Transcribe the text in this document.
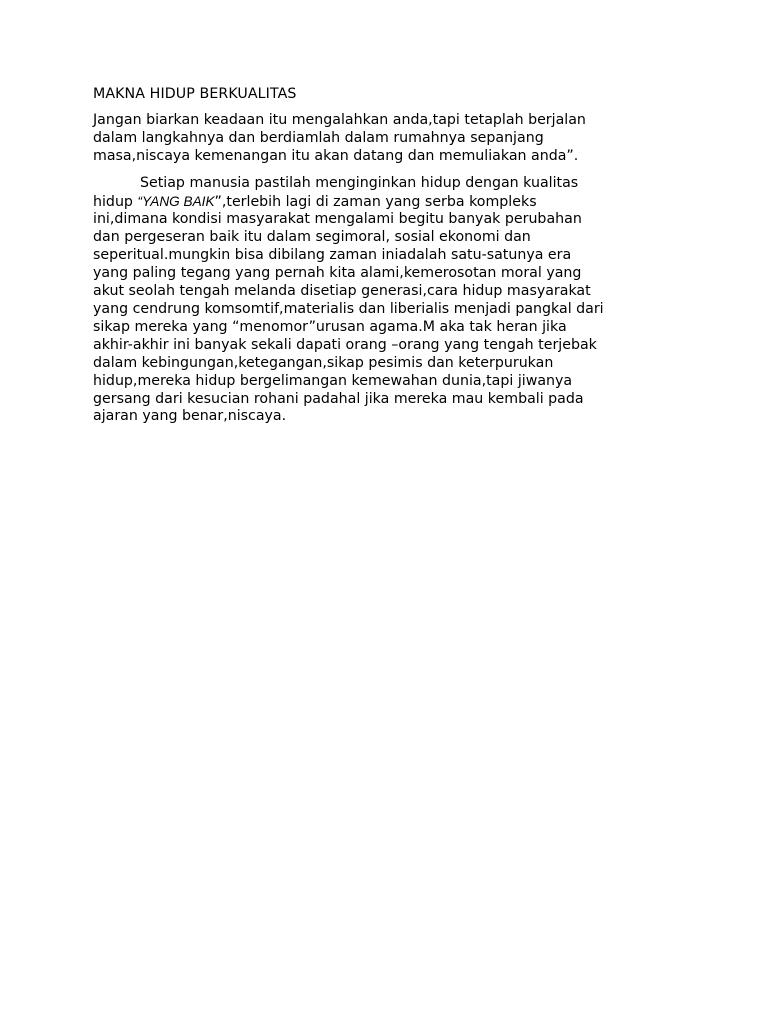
MAKNA HIDUP BERKUALITAS

Jangan biarkan keadaan itu mengalahkan anda,tapi tetaplah berjalan
dalam langkahnya dan berdiamlah dalam rumahnya sepanjang
masa,niscaya kemenangan itu akan datang dan memuliakan anda”.

Setiap manusia pastilah menginginkan hidup dengan kualitas
hidup “YANG BAIK”,terlebih lagi di zaman yang serba kompleks
ini,dimana kondisi masyarakat mengalami begitu banyak perubahan
dan pergeseran baik itu dalam segimoral, sosial ekonomi dan
seperitual.mungkin bisa dibilang zaman iniadalah satu-satunya era
yang paling tegang yang pernah kita alami,kemerosotan moral yang
akut seolah tengah melanda disetiap generasi,cara hidup masyarakat
yang cendrung komsomtif,materialis dan liberialis menjadi pangkal dari
sikap mereka yang “menomor”urusan agama.M aka tak heran jika
akhir-akhir ini banyak sekali dapati orang –orang yang tengah terjebak
dalam kebingungan,ketegangan,sikap pesimis dan keterpurukan
hidup,mereka hidup bergelimangan kemewahan dunia,tapi jiwanya
gersang dari kesucian rohani padahal jika mereka mau kembali pada
ajaran yang benar,niscaya.
